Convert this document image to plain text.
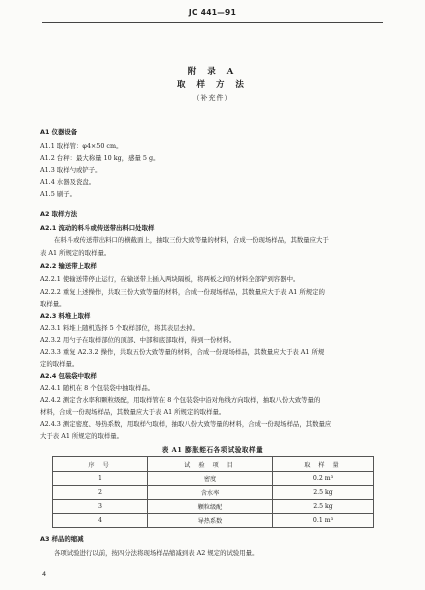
JC 441—91
附 录 A
取 样 方 法
（补充件）
A1 仪器设备
A1.1 取样管：φ4×50 cm。
A1.2 台秤：最大称量 10 kg，感量 5 g。
A1.3 取样勺或铲子。
A1.4 水器及瓷盘。
A1.5 刷子。
A2 取样方法
A2.1 流动的料斗或传送带出料口处取样
在料斗或传送带出料口的横截面上，抽取三份大致等量的材料，合成一份现场样品，其数量应大于
表 A1 所规定的取样量。
A2.2 输送带上取样
A2.2.1 使输送带停止运行，在输送带上插入两块隔板，将两板之间的材料全部铲到容器中。
A2.2.2 重复上述操作，共取三份大致等量的材料，合成一份现场样品，其数量应大于表 A1 所规定的
取样量。
A2.3 料堆上取样
A2.3.1 料堆上随机选择 5 个取样部位，将其表层去掉。
A2.3.2 用勺子在取样部位的顶部、中部和底部取样，得到一份材料。
A2.3.3 重复 A2.3.2 操作，共取五份大致等量的材料，合成一份现场样品，其数量应大于表 A1 所规
定的取样量。
A2.4 包装袋中取样
A2.4.1 随机在 8 个包装袋中抽取样品。
A2.4.2 测定含水率和颗粒级配，用取样管在 8 个包装袋中沿对角线方向取样，抽取八份大致等量的
材料，合成一份现场样品，其数量应大于表 A1 所规定的取样量。
A2.4.3 测定密度、导热系数，用取样勺取样，抽取八份大致等量的材料，合成一份现场样品，其数量应
大于表 A1 所规定的取样量。
表 A1 膨胀蛭石各项试验取样量
序 号	试 验 项 目	取 样 量
1	密度	0.2 m³
2	含水率	2.5 kg
3	颗粒级配	2.5 kg
4	导热系数	0.1 m³
A3 样品的缩减
各项试验进行以前，按四分法将现场样品缩减到表 A2 规定的试验用量。
4
